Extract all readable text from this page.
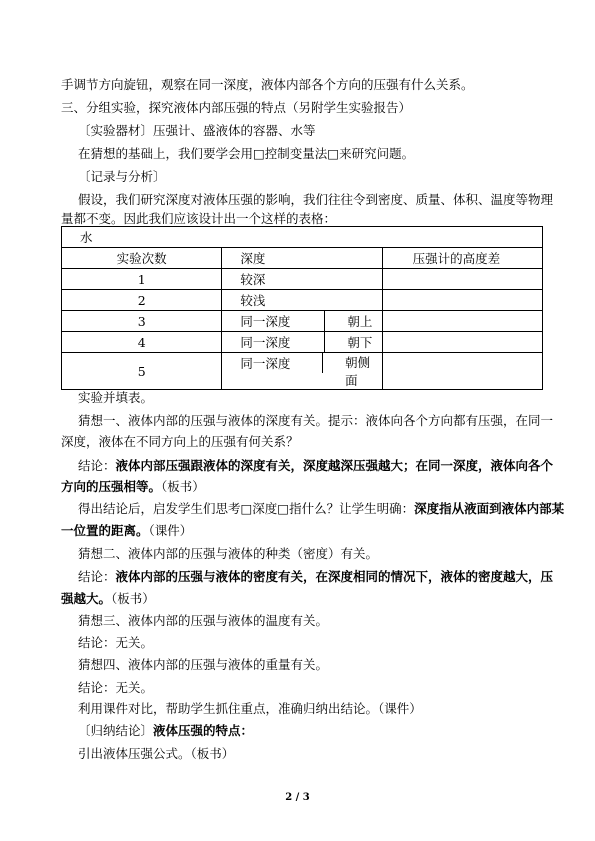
手调节方向旋钮，观察在同一深度，液体内部各个方向的压强有什么关系。
三、分组实验，探究液体内部压强的特点（另附学生实验报告）
〔实验器材〕压强计、盛液体的容器、水等
在猜想的基础上，我们要学会用□控制变量法□来研究问题。
〔记录与分析〕
假设，我们研究深度对液体压强的影响，我们往往令到密度、质量、体积、温度等物理
量都不变。因此我们应该设计出一个这样的表格：
水		
实验次数	深度	压强计的高度差
1	较深	
2	较浅	
3	同一深度 朝上	

4	同一深度 朝下	

5	同一深度 朝侧面	

实验并填表。
猜想一、液体内部的压强与液体的深度有关。提示：液体向各个方向都有压强，在同一
深度，液体在不同方向上的压强有何关系？
结论：液体内部压强跟液体的深度有关，深度越深压强越大；在同一深度，液体向各个
方向的压强相等。（板书）
得出结论后，启发学生们思考□深度□指什么？让学生明确：深度指从液面到液体内部某
一位置的距离。（课件）
猜想二、液体内部的压强与液体的种类（密度）有关。
结论：液体内部的压强与液体的密度有关，在深度相同的情况下，液体的密度越大，压
强越大。（板书）
猜想三、液体内部的压强与液体的温度有关。
结论：无关。
猜想四、液体内部的压强与液体的重量有关。
结论：无关。
利用课件对比，帮助学生抓住重点，准确归纳出结论。（课件）
〔归纳结论〕液体压强的特点：
引出液体压强公式。（板书）
2 / 3
